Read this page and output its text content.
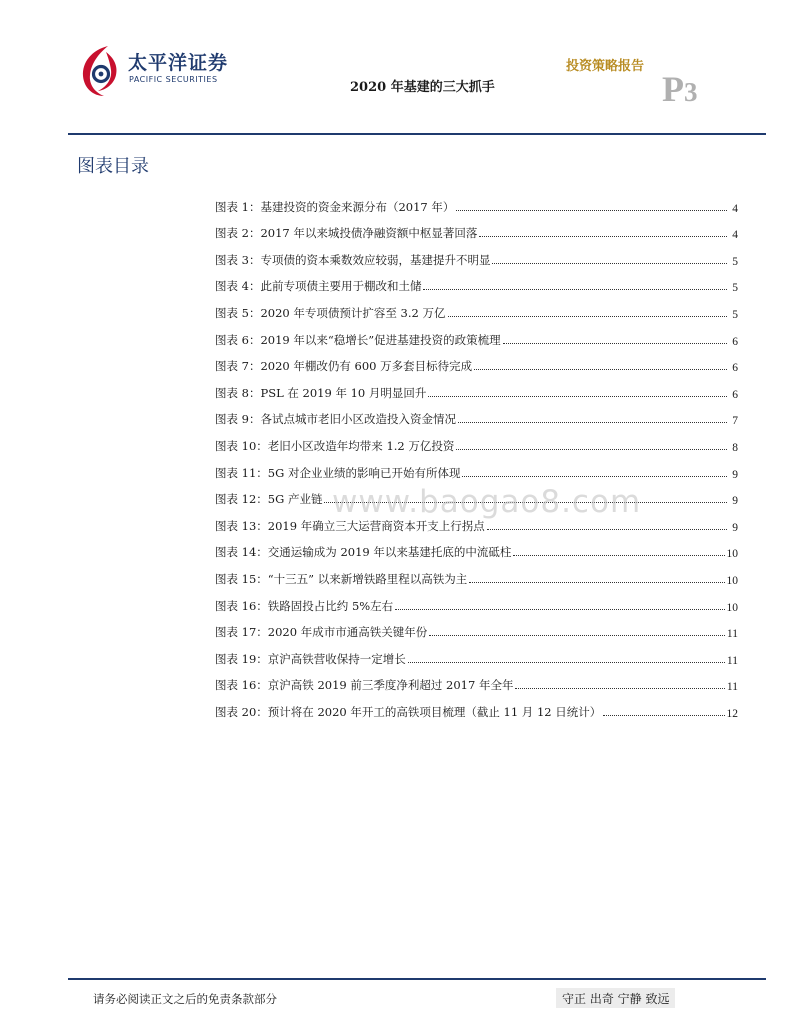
太平洋证券
PACIFIC SECURITIES
2020 年基建的三大抓手
投资策略报告
P3
图表目录
图表 1：基建投资的资金来源分布（2017 年）	4
图表 2：2017 年以来城投债净融资额中枢显著回落	4
图表 3：专项债的资本乘数效应较弱，基建提升不明显	5
图表 4：此前专项债主要用于棚改和土储	5
图表 5：2020 年专项债预计扩容至 3.2 万亿	5
图表 6：2019 年以来“稳增长”促进基建投资的政策梳理	6
图表 7：2020 年棚改仍有 600 万多套目标待完成	6
图表 8：PSL 在 2019 年 10 月明显回升	6
图表 9：各试点城市老旧小区改造投入资金情况	7
图表 10：老旧小区改造年均带来 1.2 万亿投资	8
图表 11：5G 对企业业绩的影响已开始有所体现	9
图表 12：5G 产业链	9
图表 13：2019 年确立三大运营商资本开支上行拐点	9
图表 14：交通运输成为 2019 年以来基建托底的中流砥柱	10
图表 15：“十三五” 以来新增铁路里程以高铁为主	10
图表 16：铁路固投占比约 5%左右	10
图表 17：2020 年成市市通高铁关键年份	11
图表 19：京沪高铁营收保持一定增长	11
图表 16：京沪高铁 2019 前三季度净利超过 2017 年全年	11
图表 20：预计将在 2020 年开工的高铁项目梳理（截止 11 月 12 日统计）	12
www.baogao8.com
请务必阅读正文之后的免责条款部分	守正 出奇 宁静 致远
